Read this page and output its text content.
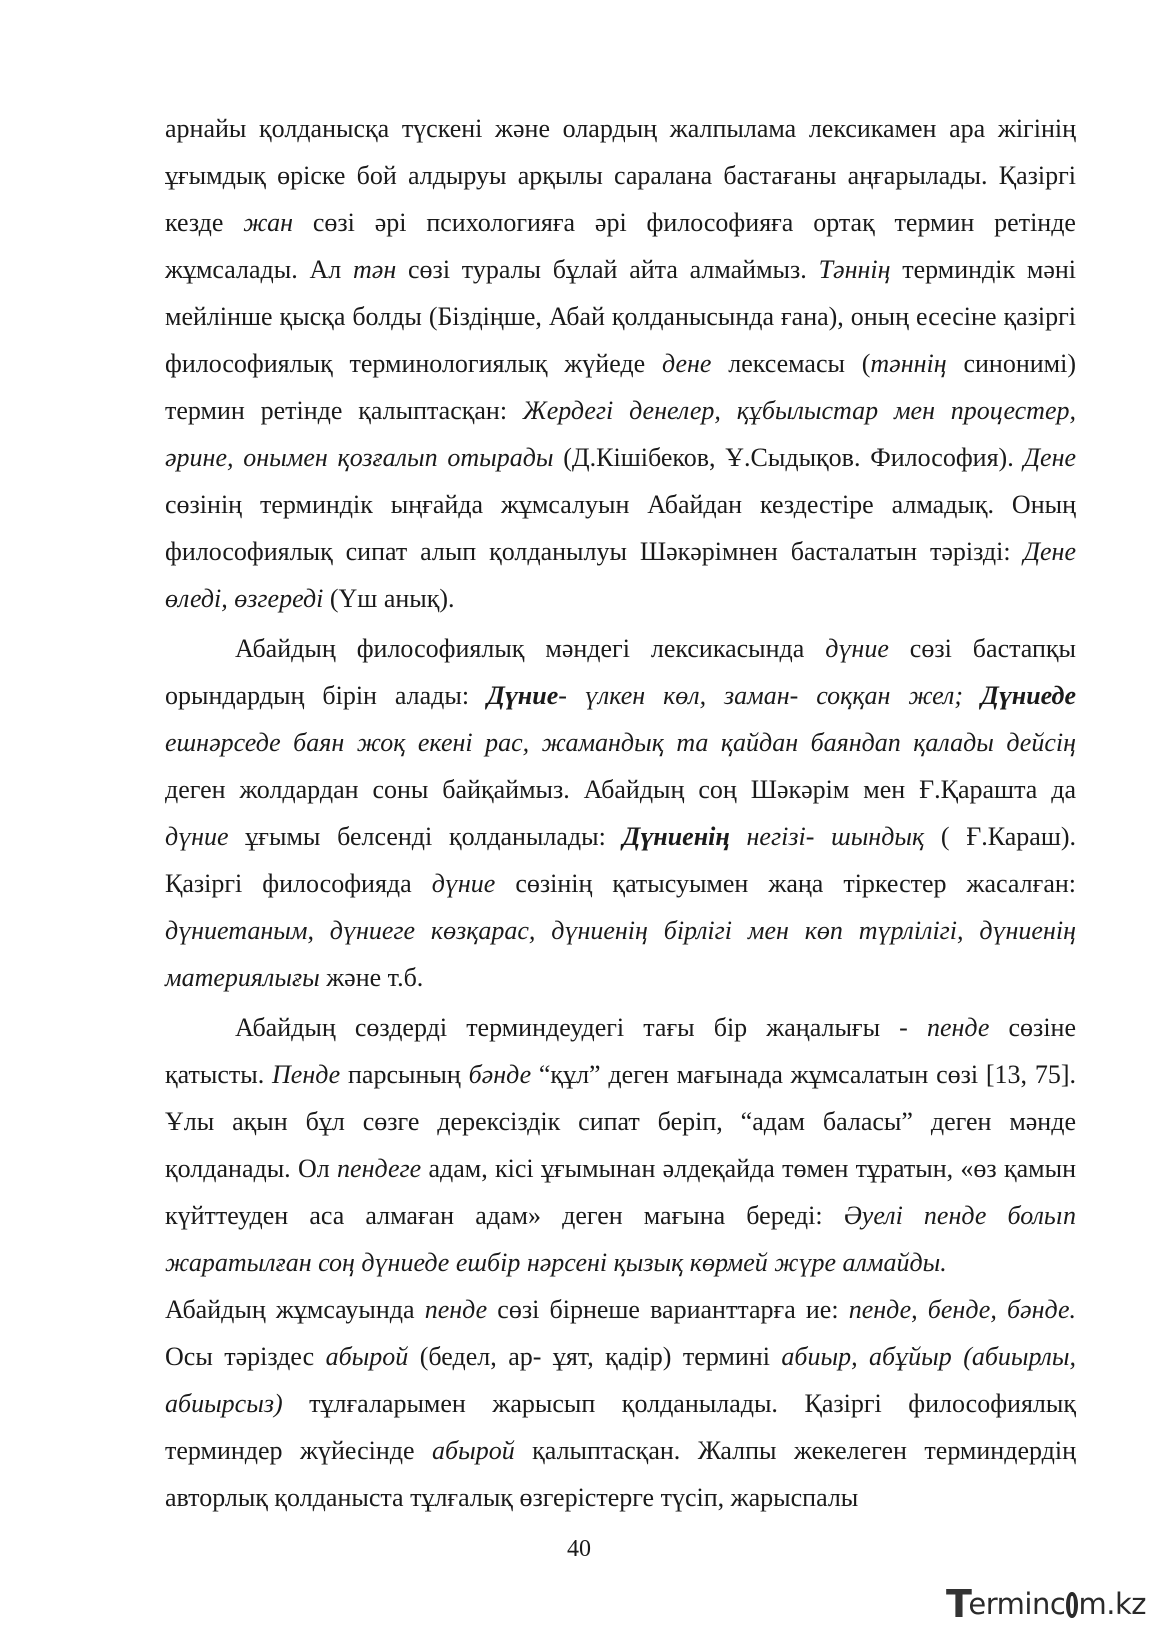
арнайы қолданысқа түскені және олардың жалпылама лексикамен ара жігінің ұғымдық өріске бой алдыруы арқылы саралана бастағаны аңғарылады. Қазіргі кезде жан сөзі әрі психологияға әрі философияға ортақ термин ретінде жұмсалады. Ал тән сөзі туралы бұлай айта алмаймыз. Тәннің терминдік мәні мейлінше қысқа болды (Біздіңше, Абай қолданысында ғана), оның есесіне қазіргі философиялық терминологиялық жүйеде дене лексемасы (тәннің синонимі) термин ретінде қалыптасқан: Жердегі денелер, құбылыстар мен процестер, әрине, онымен қозғалып отырады (Д.Кішібеков, Ұ.Сыдықов. Философия). Дене сөзінің терминдік ыңғайда жұмсалуын Абайдан кездестіре алмадық. Оның философиялық сипат алып қолданылуы Шәкәрімнен басталатын тәрізді: Дене өледі, өзгереді (Үш анық).

Абайдың философиялық мәндегі лексикасында дүние сөзі бастапқы орындардың бірін алады: Дүние- үлкен көл, заман- соққан жел; Дүниеде ешнәрседе баян жоқ екені рас, жамандық та қайдан баяндап қалады дейсің деген жолдардан соны байқаймыз. Абайдың соң Шәкәрім мен Ғ.Қарашта да дүние ұғымы белсенді қолданылады: Дүниенің негізі- шындық ( Ғ.Караш). Қазіргі философияда дүние сөзінің қатысуымен жаңа тіркестер жасалған: дүниетаным, дүниеге көзқарас, дүниенің бірлігі мен көп түрлілігі, дүниенің материялығы және т.б.

Абайдың сөздерді терминдеудегі тағы бір жаңалығы - пенде сөзіне қатысты. Пенде парсының бәнде “құл” деген мағынада жұмсалатын сөзі [13, 75]. Ұлы ақын бұл сөзге дерексіздік сипат беріп, “адам баласы” деген мәнде қолданады. Ол пендеге адам, кісі ұғымынан әлдеқайда төмен тұратын, «өз қамын күйттеуден аса алмаған адам» деген мағына береді: Әуелі пенде больıп жаратылған соң дүниеде ешбір нәрсені қызық көрмей жүре алмайды.

Абайдың жұмсауында пенде сөзі бірнеше варианттарға ие: пенде, бенде, бәнде. Осы тәріздес абырой (бедел, ар- ұят, қадір) термині абиыр, абұйыр (абиырлы, абиырсыз) тұлғаларымен жарысып қолданылады. Қазіргі философиялық терминдер жүйесінде абырой қалыптасқан. Жалпы жекелеген терминдердің авторлық қолданыста тұлғалық өзгерістерге түсіп, жарыспалы

40
T
erminc m.kz
